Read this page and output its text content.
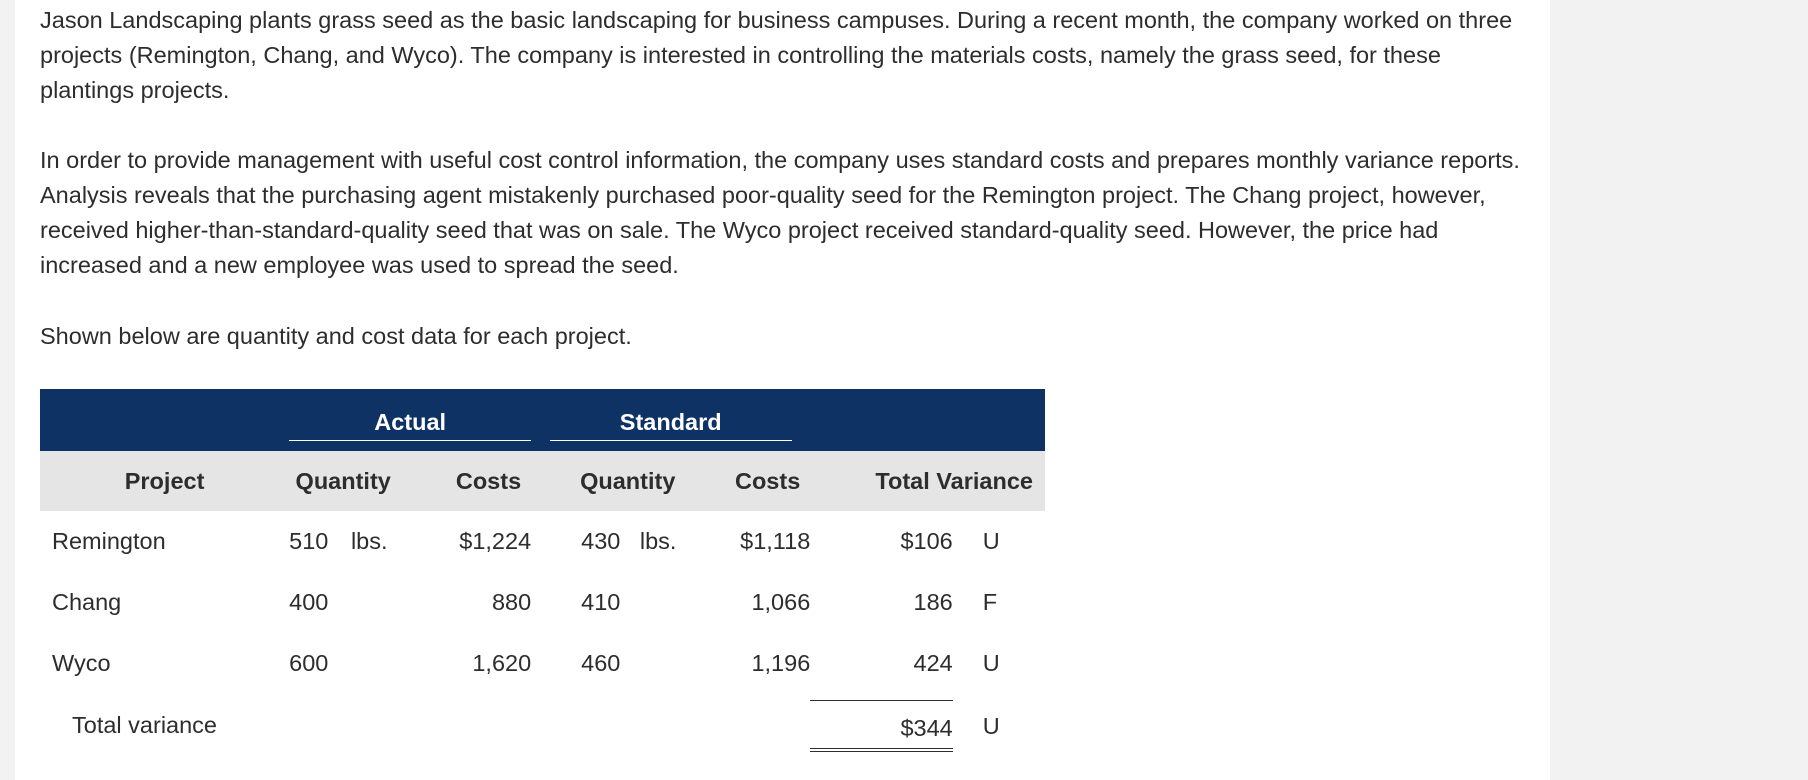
Jason Landscaping plants grass seed as the basic landscaping for business campuses. During a recent month, the company worked on three projects (Remington, Chang, and Wyco). The company is interested in controlling the materials costs, namely the grass seed, for these plantings projects.

In order to provide management with useful cost control information, the company uses standard costs and prepares monthly variance reports. Analysis reveals that the purchasing agent mistakenly purchased poor-quality seed for the Remington project. The Chang project, however, received higher-than-standard-quality seed that was on sale. The Wyco project received standard-quality seed. However, the price had increased and a new employee was used to spread the seed.

Shown below are quantity and cost data for each project.

	Actual			Standard				
Project	Quantity		Costs	Quantity		Costs	Total Variance	
Remington	510	lbs.	$1,224	430	lbs.	$1,118	$106	U
Chang	400		880	410		1,066	186	F
Wyco	600		1,620	460		1,196	424	U
Total variance							$344	U
